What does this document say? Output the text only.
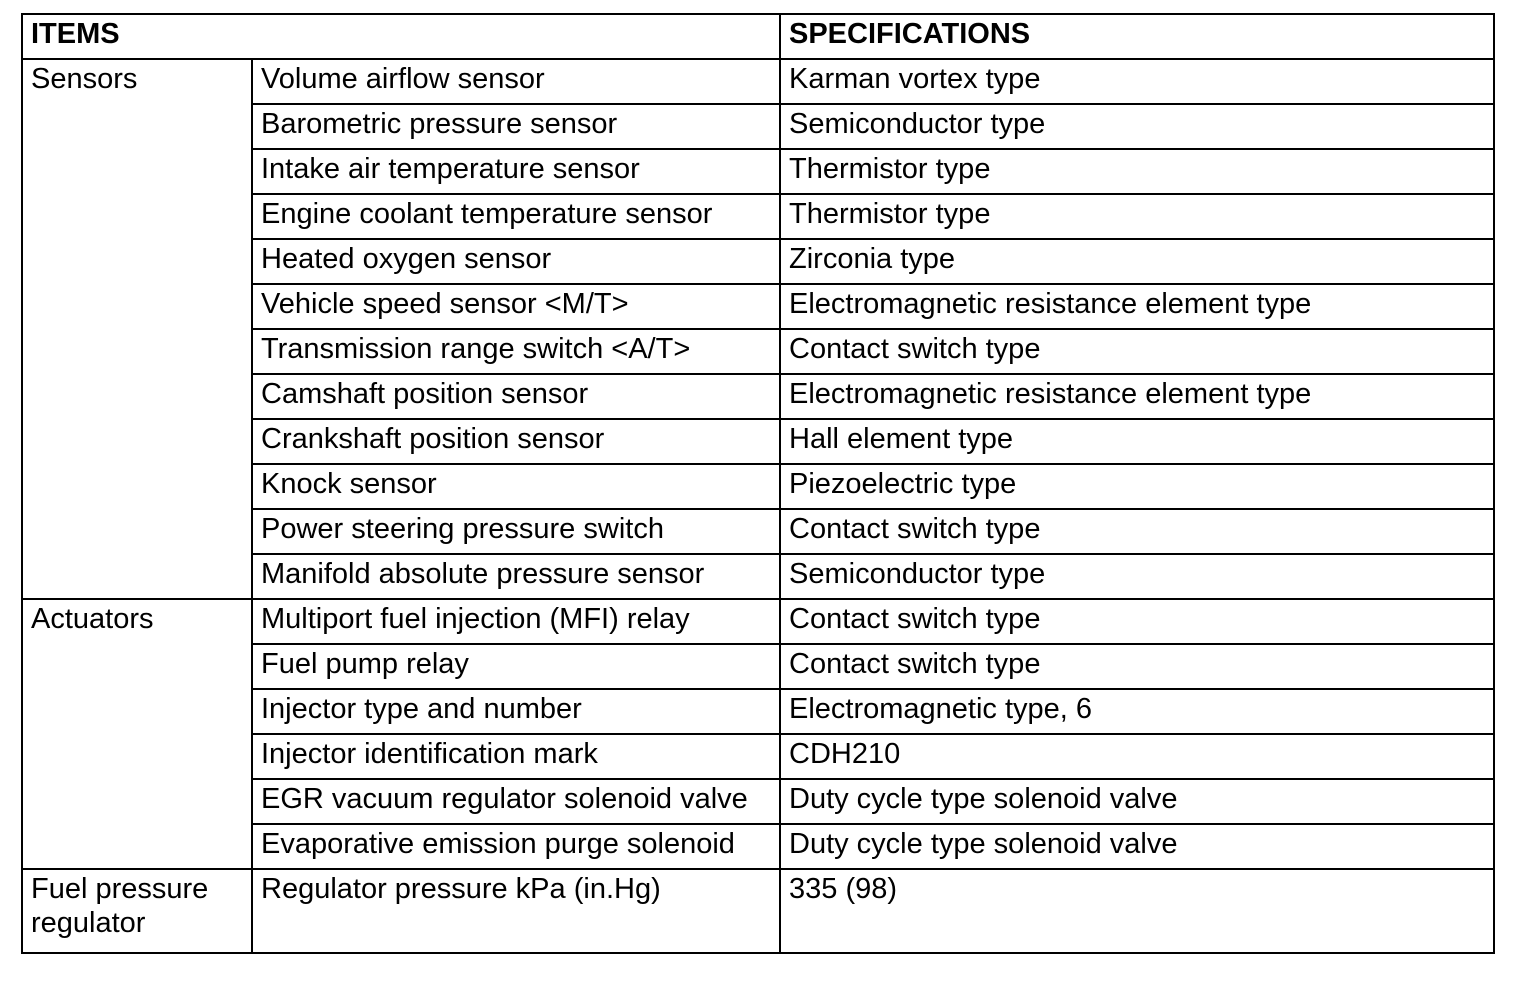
ITEMS		SPECIFICATIONS
Sensors	Volume airflow sensor	Karman vortex type
	Barometric pressure sensor	Semiconductor type
	Intake air temperature sensor	Thermistor type
	Engine coolant temperature sensor	Thermistor type
	Heated oxygen sensor	Zirconia type
	Vehicle speed sensor <M/T>	Electromagnetic resistance element type
	Transmission range switch <A/T>	Contact switch type
	Camshaft position sensor	Electromagnetic resistance element type
	Crankshaft position sensor	Hall element type
	Knock sensor	Piezoelectric type
	Power steering pressure switch	Contact switch type
	Manifold absolute pressure sensor	Semiconductor type
Actuators	Multiport fuel injection (MFI) relay	Contact switch type
	Fuel pump relay	Contact switch type
	Injector type and number	Electromagnetic type, 6
	Injector identification mark	CDH210
	EGR vacuum regulator solenoid valve	Duty cycle type solenoid valve
	Evaporative emission purge solenoid	Duty cycle type solenoid valve
Fuel pressure regulator	Regulator pressure kPa (in.Hg)	335 (98)
